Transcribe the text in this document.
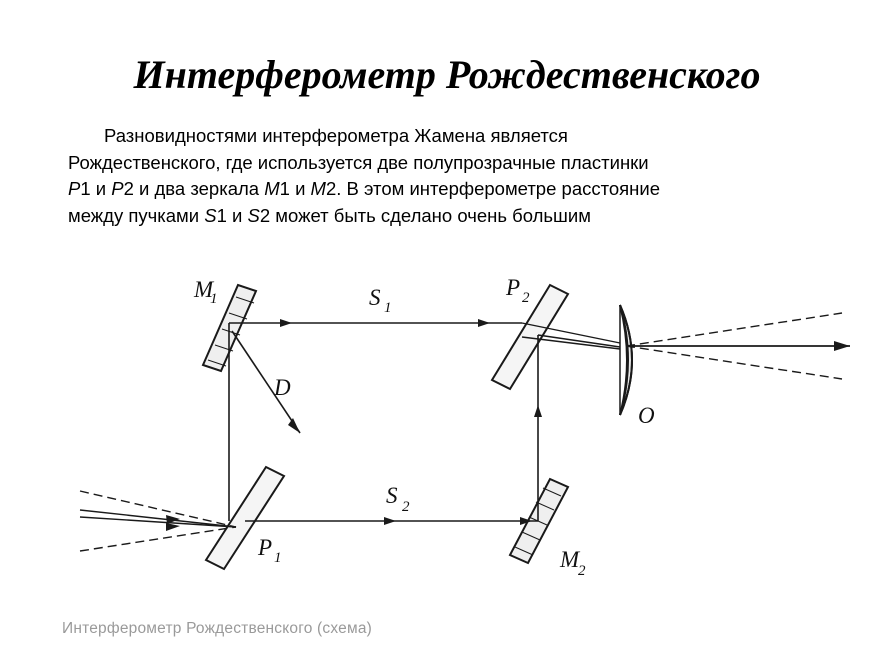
Интерферометр Рождественского
Разновидностями интерферометра Жамена является
Рождественского, где используется две полупрозрачные пластинки
P1 и P2 и два зеркала M1 и M2. В этом интерферометре расстояние
между пучками S1 и S2 может быть сделано очень большим
M
1	S 1
P 2
O
D
S 2
P 1	M
2
Интерферометр Рождественского (схема)
